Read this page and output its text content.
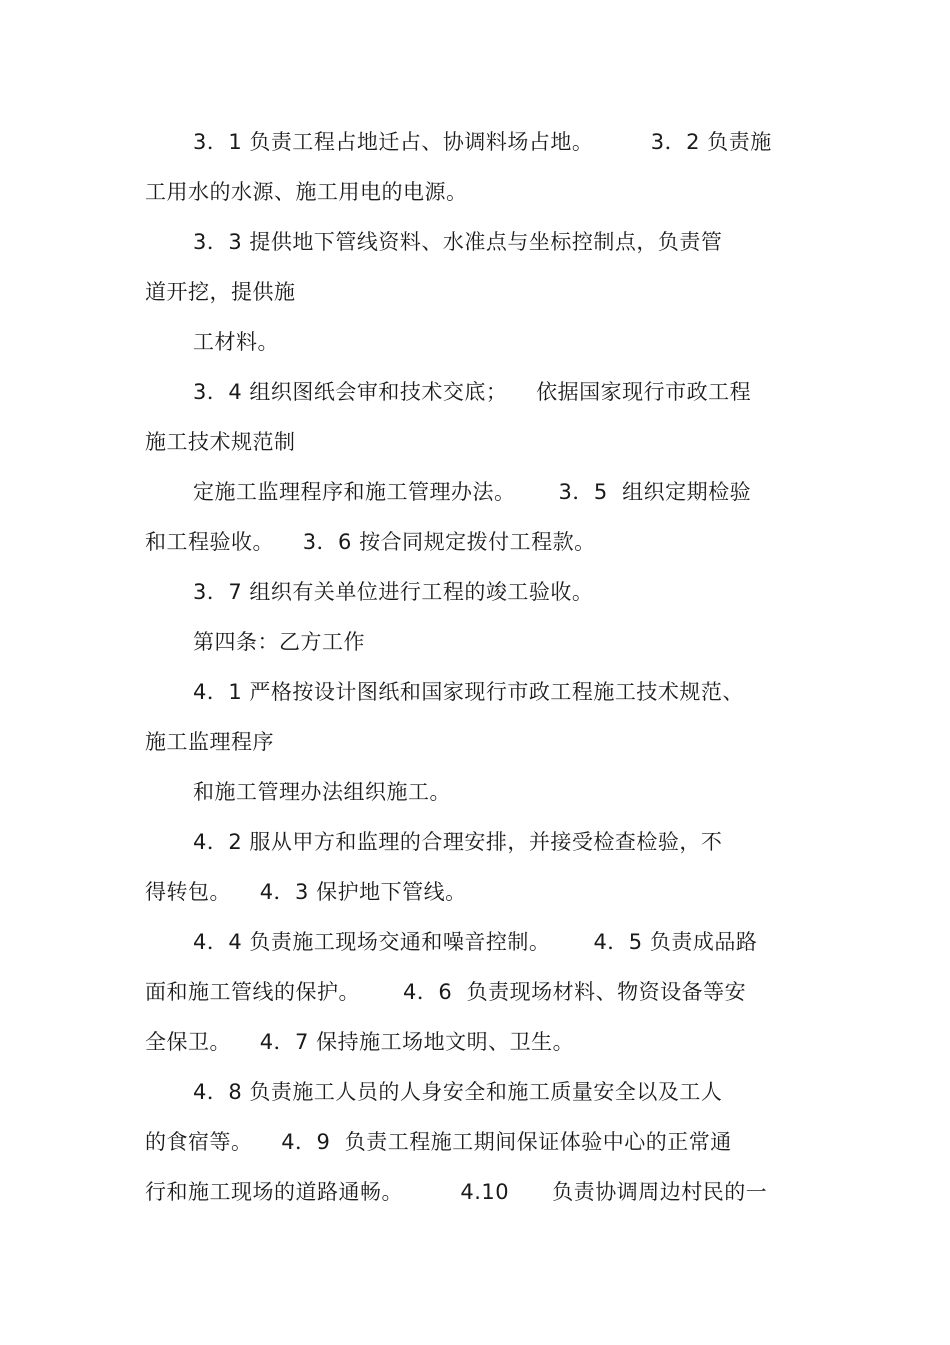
3．1 负责工程占地迁占、协调料场占地。        3．2 负责施
工用水的水源、施工用电的电源。
3．3 提供地下管线资料、水准点与坐标控制点，负责管
道开挖，提供施
工材料。
3．4 组织图纸会审和技术交底；    依据国家现行市政工程
施工技术规范制
定施工监理程序和施工管理办法。      3．5  组织定期检验
和工程验收。    3．6 按合同规定拨付工程款。
3．7 组织有关单位进行工程的竣工验收。
第四条：乙方工作
4．1 严格按设计图纸和国家现行市政工程施工技术规范、
施工监理程序
和施工管理办法组织施工。
4．2 服从甲方和监理的合理安排，并接受检查检验，不
得转包。    4．3 保护地下管线。
4．4 负责施工现场交通和噪音控制。      4．5 负责成品路
面和施工管线的保护。      4．6  负责现场材料、物资设备等安
全保卫。    4．7 保持施工场地文明、卫生。
4．8 负责施工人员的人身安全和施工质量安全以及工人
的食宿等。    4．9  负责工程施工期间保证体验中心的正常通
行和施工现场的道路通畅。        4.10      负责协调周边村民的一
